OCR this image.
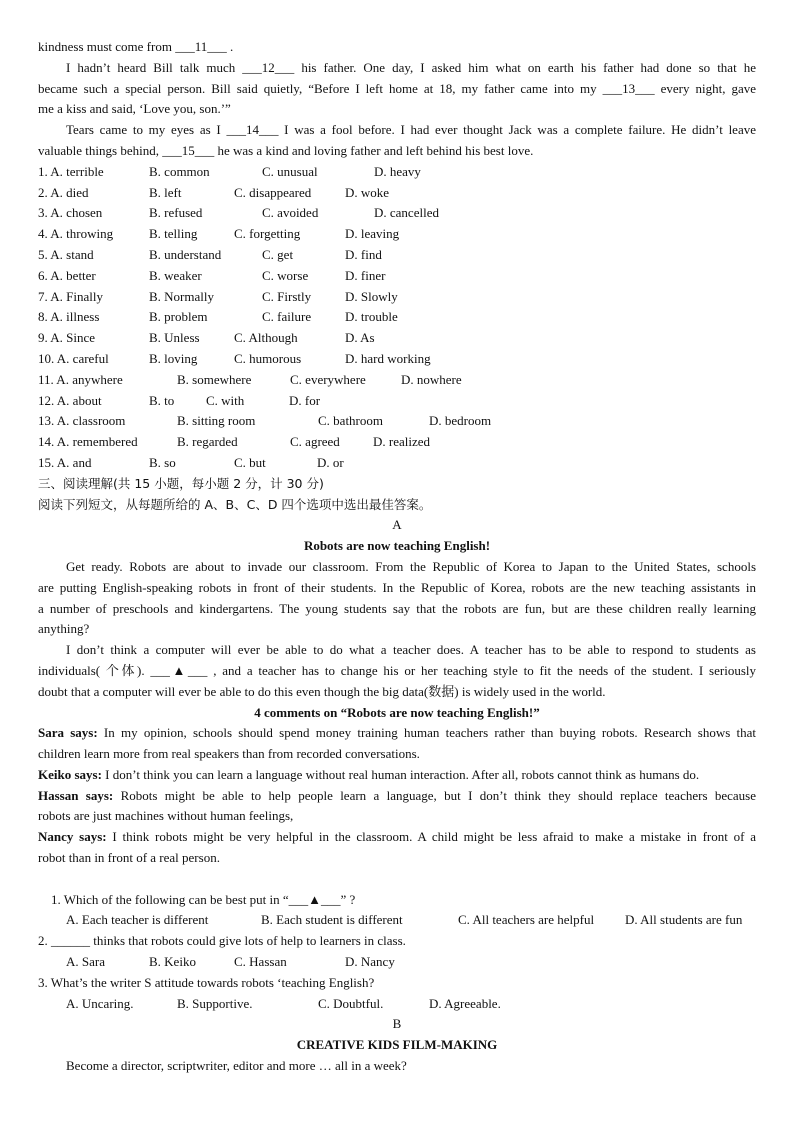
kindness must come from ___11___ .
I hadn’t heard Bill talk much ___12___ his father. One day, I asked him what on earth his father had done so that he
became such a special person. Bill said quietly, “Before I left home at 18, my father came into my ___13___ every night, gave
me a kiss and said, ‘Love you, son.’”
Tears came to my eyes as I ___14___ I was a fool before. I had ever thought Jack was a complete failure. He didn’t leave
valuable things behind, ___15___ he was a kind and loving father and left behind his best love.
1. A. terrible	B. common	C. unusual	D. heavy
2. A. died	B. left	C. disappeared	D. woke
3. A. chosen	B. refused	C. avoided	D. cancelled
4. A. throwing	B. telling	C. forgetting	D. leaving
5. A. stand	B. understand	C. get	D. find
6. A. better	B. weaker	C. worse	D. finer
7. A. Finally	B. Normally	C. Firstly	D. Slowly
8. A. illness	B. problem	C. failure	D. trouble
9. A. Since	B. Unless	C. Although	D. As
10. A. careful	B. loving	C. humorous	D. hard working
11. A. anywhere	B. somewhere	C. everywhere	D. nowhere
12. A. about	B. to C. with	D. for
13. A. classroom	B. sitting room	C. bathroom	D. bedroom
14. A. remembered	B. regarded	C. agreed	D. realized
15. A. and	B. so	C. but	D. or
三、阅读理解(共 15 小题，每小题 2 分，计 30 分)
阅读下列短文，从每题所给的 A、B、C、D 四个选项中选出最佳答案。
A
Robots are now teaching English!
Get ready. Robots are about to invade our classroom. From the Republic of Korea to Japan to the United States, schools
are putting English-speaking robots in front of their students. In the Republic of Korea, robots are the new teaching assistants in
a number of preschools and kindergartens. The young students say that the robots are fun, but are these children really learning
anything?
I don’t think a computer will ever be able to do what a teacher does. A teacher has to be able to respond to students as
individuals( 个体). ___▲___ , and a teacher has to change his or her teaching style to fit the needs of the student. I seriously
doubt that a computer will ever be able to do this even though the big data(数据) is widely used in the world.
4 comments on “Robots are now teaching English!”
Sara says: In my opinion, schools should spend money training human teachers rather than buying robots. Research shows that
children learn more from real speakers than from recorded conversations.
Keiko says: I don’t think you can learn a language without real human interaction. After all, robots cannot think as humans do.
Hassan says: Robots might be able to help people learn a language, but I don’t think they should replace teachers because
robots are just machines without human feelings,
Nancy says: I think robots might be very helpful in the classroom. A child might be less afraid to make a mistake in front of a
robot than in front of a real person.
1. Which of the following can be best put in “___▲___” ?
A. Each teacher is different	B. Each student is different	C. All teachers are helpful D. All students are fun
2. ______ thinks that robots could give lots of help to learners in class.
A. Sara	B. Keiko	C. Hassan	D. Nancy
3. What’s the writer S attitude towards robots ‘teaching English?
A. Uncaring.	B. Supportive.	C. Doubtful.	D. Agreeable.
B
CREATIVE KIDS FILM-MAKING
Become a director, scriptwriter, editor and more … all in a week?
